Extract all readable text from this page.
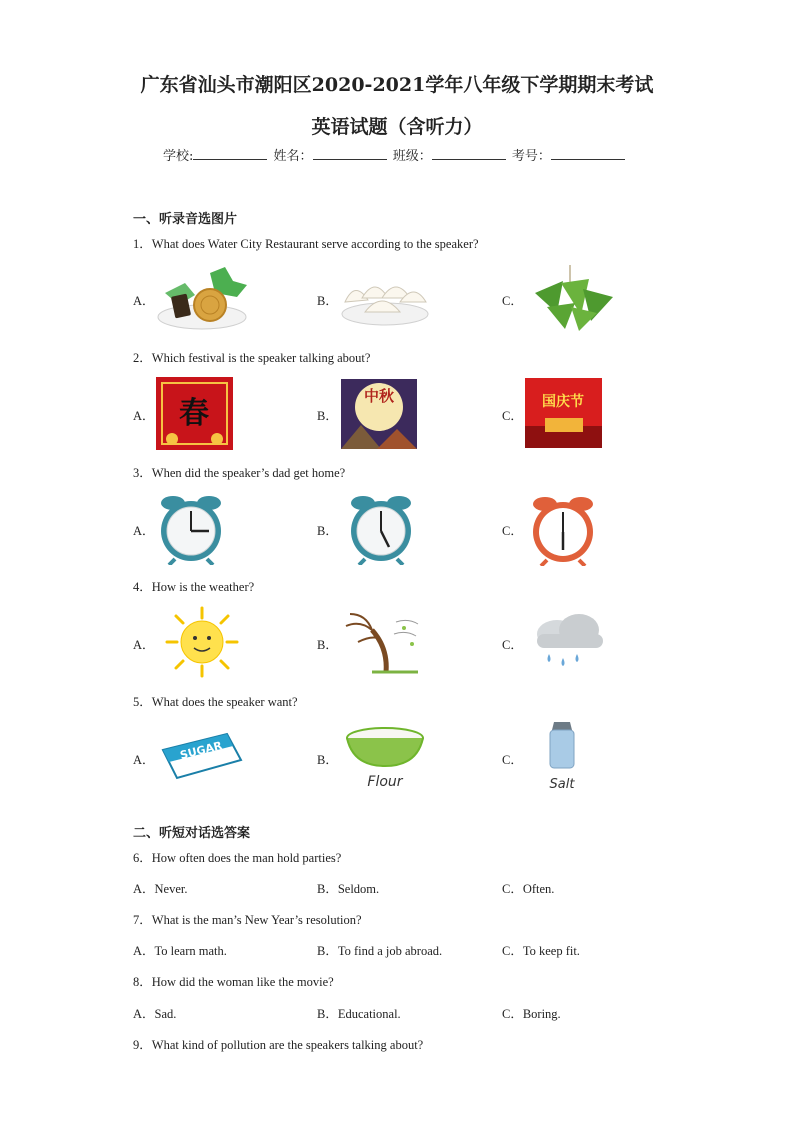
广东省汕头市潮阳区2020-2021学年八年级下学期期末考试
英语试题（含听力）
学校:	姓名：	班级：	考号：
一、听录音选图片
1．What does Water City Restaurant serve according to the speaker?
A．	B．	C．
2．Which festival is the speaker talking about?
A．	B．	C．
春	中秋	国庆节
3．When did the speaker’s dad get home?
A．	B．	C．
4．How is the weather?
A．	B．	C．
5．What does the speaker want?
A．	B．	C．
SUGAR
Flour	Salt
二、听短对话选答案
6．How often does the man hold parties?
A．Never.	B．Seldom.	C．Often.
7．What is the man’s New Year’s resolution?
A．To learn math.	B．To find a job abroad.	C．To keep fit.
8．How did the woman like the movie?
A．Sad.	B．Educational.	C．Boring.
9．What kind of pollution are the speakers talking about?
